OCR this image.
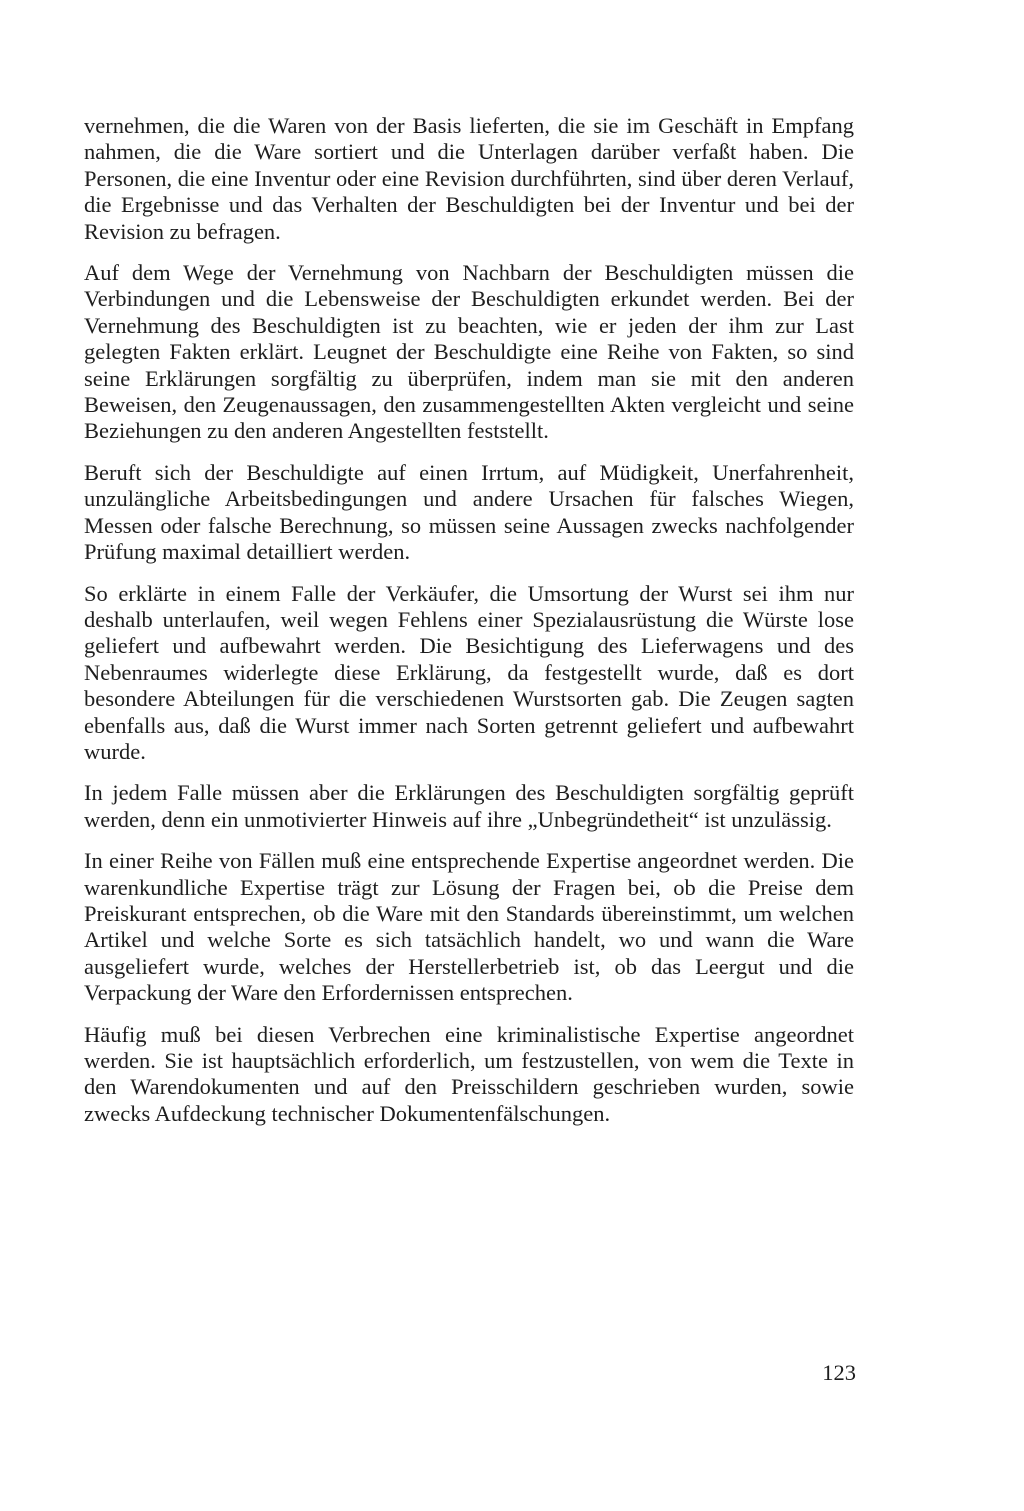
vernehmen, die die Waren von der Basis lieferten, die sie im Geschäft in Empfang nahmen, die die Ware sortiert und die Unterlagen darüber verfaßt haben. Die Personen, die eine Inventur oder eine Revision durchführten, sind über deren Verlauf, die Ergebnisse und das Verhalten der Beschuldigten bei der Inventur und bei der Revision zu befragen.

Auf dem Wege der Vernehmung von Nachbarn der Beschuldigten müssen die Verbindungen und die Lebensweise der Beschuldigten erkundet werden. Bei der Vernehmung des Beschuldigten ist zu beachten, wie er jeden der ihm zur Last gelegten Fakten erklärt. Leugnet der Beschuldigte eine Reihe von Fakten, so sind seine Erklärungen sorgfältig zu überprüfen, indem man sie mit den anderen Beweisen, den Zeugenaussagen, den zusammengestellten Akten vergleicht und seine Beziehungen zu den anderen Angestellten feststellt.

Beruft sich der Beschuldigte auf einen Irrtum, auf Müdigkeit, Unerfahrenheit, unzulängliche Arbeitsbedingungen und andere Ursachen für falsches Wiegen, Messen oder falsche Berechnung, so müssen seine Aussagen zwecks nachfolgender Prüfung maximal detailliert werden.

So erklärte in einem Falle der Verkäufer, die Umsortung der Wurst sei ihm nur deshalb unterlaufen, weil wegen Fehlens einer Spezialausrüstung die Würste lose geliefert und aufbewahrt werden. Die Besichtigung des Lieferwagens und des Nebenraumes widerlegte diese Erklärung, da festgestellt wurde, daß es dort besondere Abteilungen für die verschiedenen Wurstsorten gab. Die Zeugen sagten ebenfalls aus, daß die Wurst immer nach Sorten getrennt geliefert und aufbewahrt wurde.

In jedem Falle müssen aber die Erklärungen des Beschuldigten sorgfältig geprüft werden, denn ein unmotivierter Hinweis auf ihre „Unbegründetheit“ ist unzulässig.

In einer Reihe von Fällen muß eine entsprechende Expertise angeordnet werden. Die warenkundliche Expertise trägt zur Lösung der Fragen bei, ob die Preise dem Preiskurant entsprechen, ob die Ware mit den Standards übereinstimmt, um welchen Artikel und welche Sorte es sich tatsächlich handelt, wo und wann die Ware ausgeliefert wurde, welches der Herstellerbetrieb ist, ob das Leergut und die Verpackung der Ware den Erfordernissen entsprechen.

Häufig muß bei diesen Verbrechen eine kriminalistische Expertise angeordnet werden. Sie ist hauptsächlich erforderlich, um festzustellen, von wem die Texte in den Warendokumenten und auf den Preisschildern geschrieben wurden, sowie zwecks Aufdeckung technischer Dokumentenfälschungen.

123
